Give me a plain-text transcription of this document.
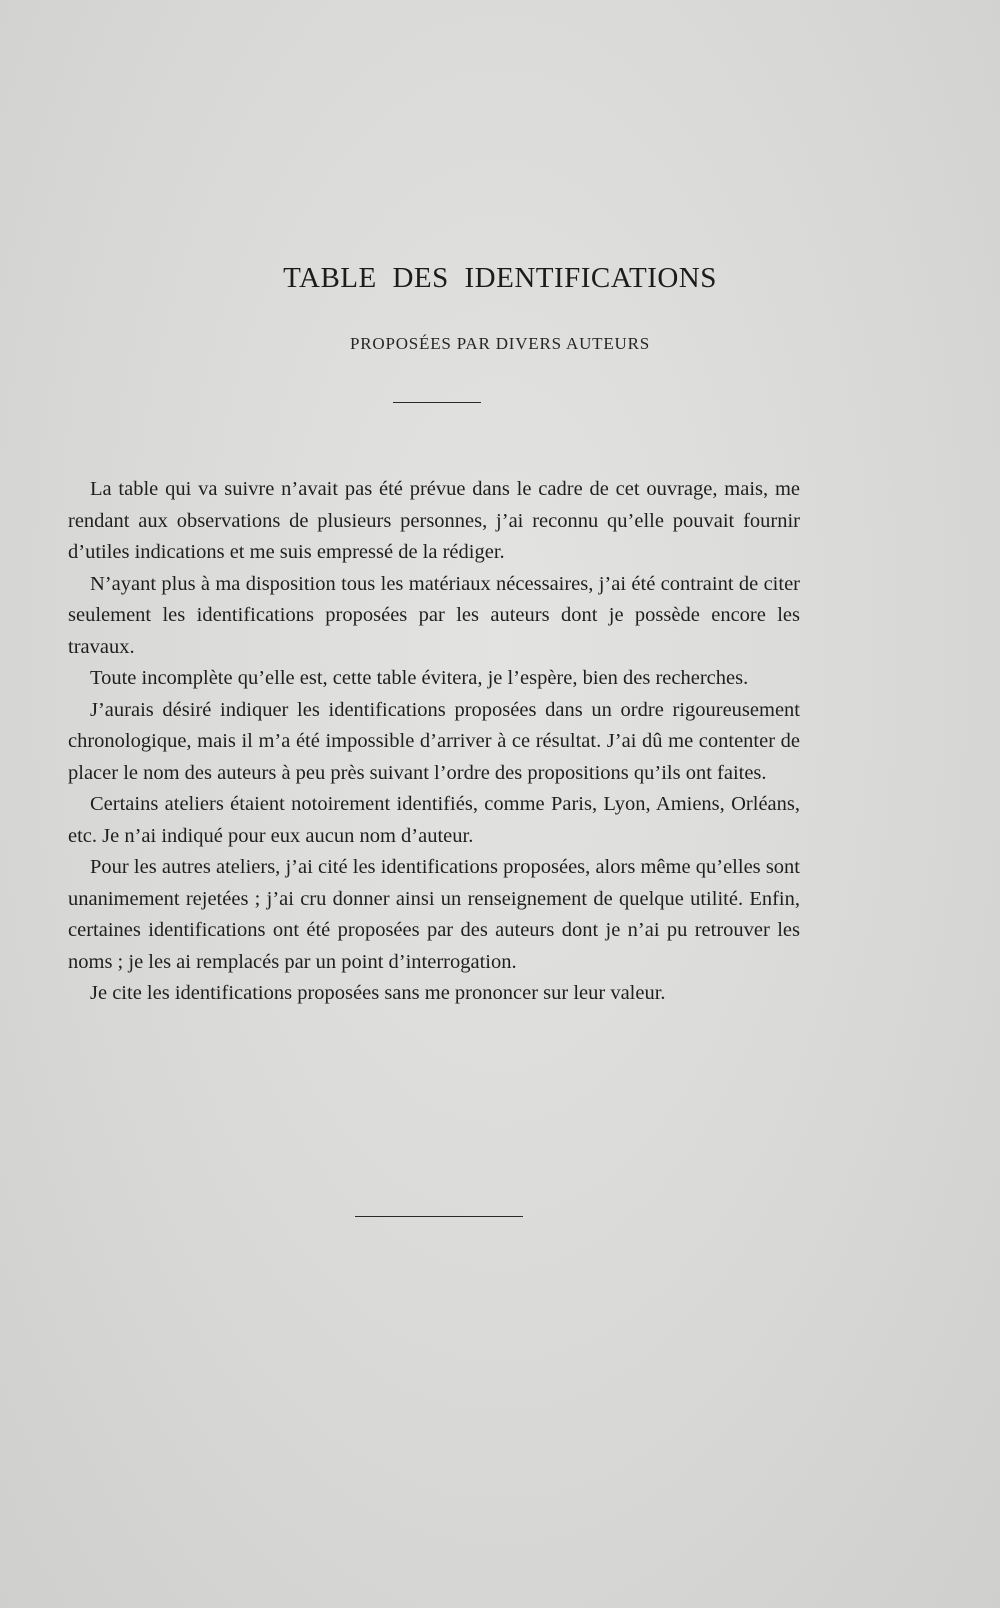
TABLE DES IDENTIFICATIONS
PROPOSÉES PAR DIVERS AUTEURS

La table qui va suivre n’avait pas été prévue dans le cadre de cet ouvrage, mais, me rendant aux observations de plusieurs personnes, j’ai reconnu qu’elle pouvait fournir d’utiles indications et me suis empressé de la rédiger.

N’ayant plus à ma disposition tous les matériaux nécessaires, j’ai été contraint de citer seulement les identifications proposées par les auteurs dont je possède encore les travaux.

Toute incomplète qu’elle est, cette table évitera, je l’espère, bien des recherches.

J’aurais désiré indiquer les identifications proposées dans un ordre rigoureusement chronologique, mais il m’a été impossible d’arriver à ce résultat. J’ai dû me contenter de placer le nom des auteurs à peu près suivant l’ordre des propositions qu’ils ont faites.

Certains ateliers étaient notoirement identifiés, comme Paris, Lyon, Amiens, Orléans, etc. Je n’ai indiqué pour eux aucun nom d’auteur.

Pour les autres ateliers, j’ai cité les identifications proposées, alors même qu’elles sont unanimement rejetées ; j’ai cru donner ainsi un renseignement de quelque utilité. Enfin, certaines identifications ont été proposées par des auteurs dont je n’ai pu retrouver les noms ; je les ai remplacés par un point d’interrogation.

Je cite les identifications proposées sans me prononcer sur leur valeur.
